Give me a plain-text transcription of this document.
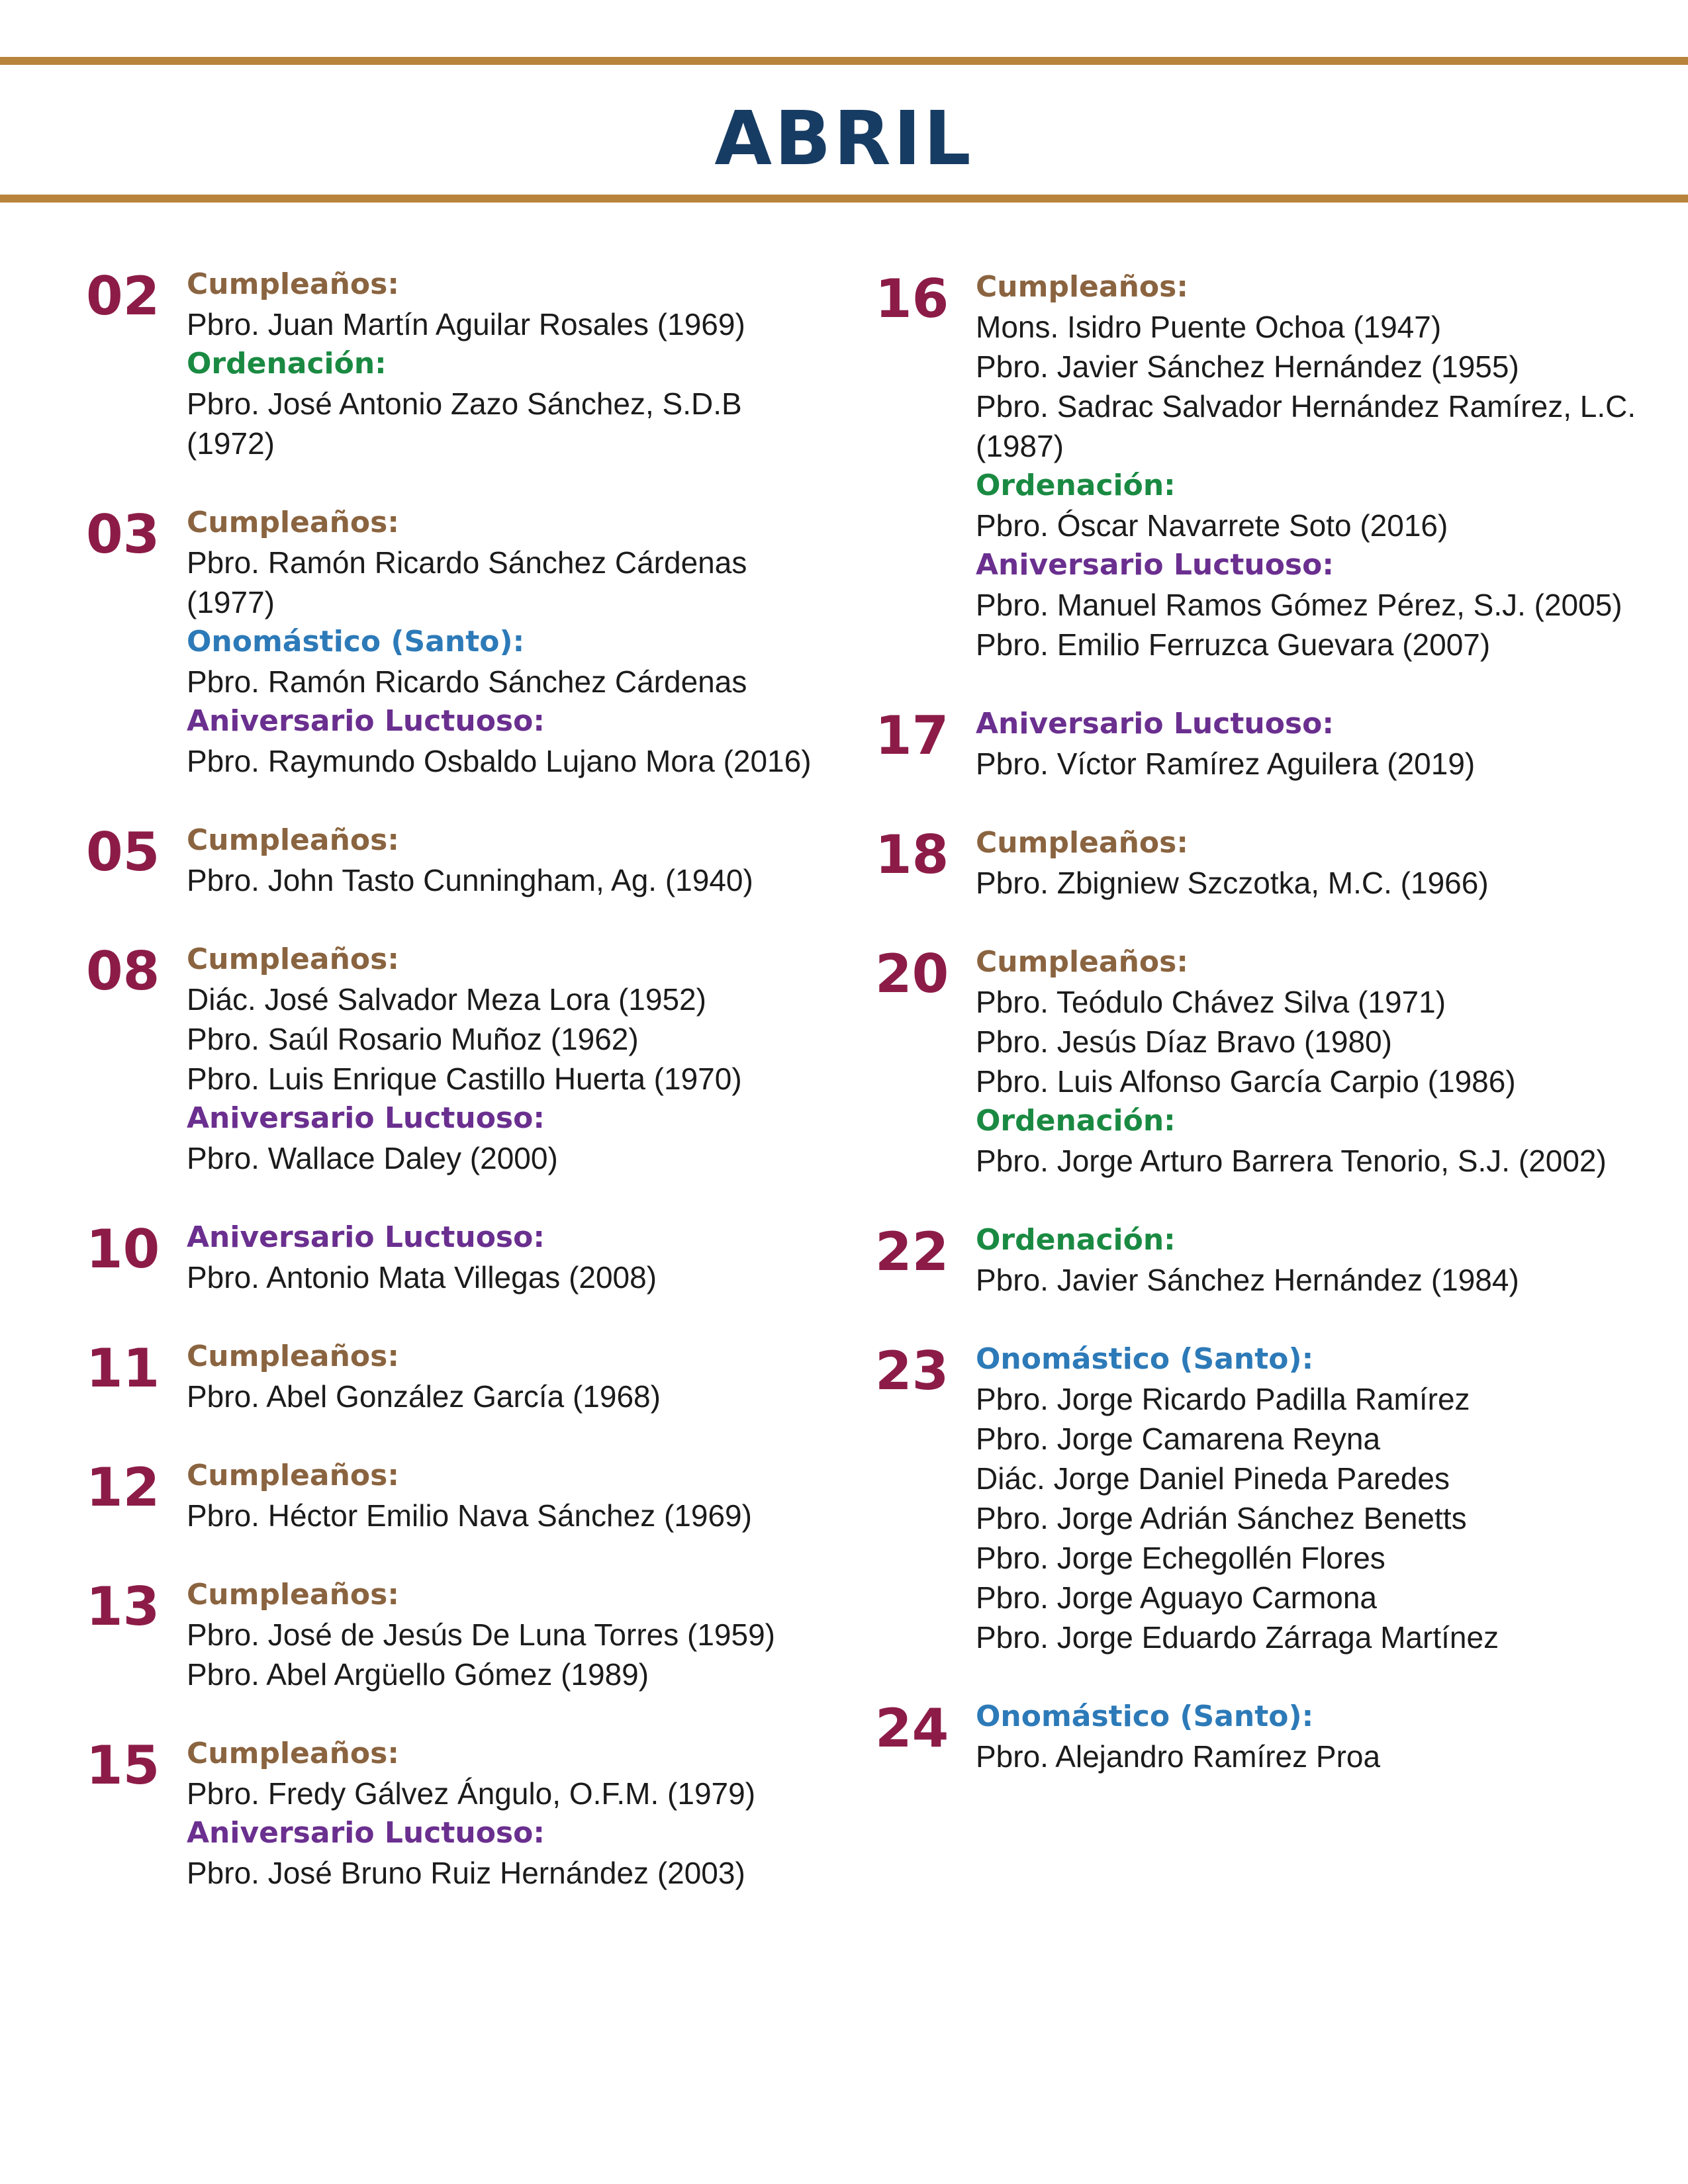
ABRIL
02 Cumpleaños:
Pbro. Juan Martín Aguilar Rosales (1969)
Ordenación:
Pbro. José Antonio Zazo Sánchez, S.D.B (1972)
03 Cumpleaños:
Pbro. Ramón Ricardo Sánchez Cárdenas (1977)
Onomástico (Santo):
Pbro. Ramón Ricardo Sánchez Cárdenas
Aniversario Luctuoso:
Pbro. Raymundo Osbaldo Lujano Mora (2016)
05 Cumpleaños:
Pbro. John Tasto Cunningham, Ag. (1940)
08 Cumpleaños:
Diác. José Salvador Meza Lora (1952)
Pbro. Saúl Rosario Muñoz (1962)
Pbro. Luis Enrique Castillo Huerta (1970)
Aniversario Luctuoso:
Pbro. Wallace Daley (2000)
10 Aniversario Luctuoso:
Pbro. Antonio Mata Villegas (2008)
11 Cumpleaños:
Pbro. Abel González García (1968)
12 Cumpleaños:
Pbro. Héctor Emilio Nava Sánchez (1969)
13 Cumpleaños:
Pbro. José de Jesús De Luna Torres (1959)
Pbro. Abel Argüello Gómez (1989)
15 Cumpleaños:
Pbro. Fredy Gálvez Ángulo, O.F.M. (1979)
Aniversario Luctuoso:
Pbro. José Bruno Ruiz Hernández (2003)
16 Cumpleaños:
Mons. Isidro Puente Ochoa (1947)
Pbro. Javier Sánchez Hernández (1955)
Pbro. Sadrac Salvador Hernández Ramírez, L.C.
(1987)
Ordenación:
Pbro. Óscar Navarrete Soto (2016)
Aniversario Luctuoso:
Pbro. Manuel Ramos Gómez Pérez, S.J. (2005)
Pbro. Emilio Ferruzca Guevara (2007)
17 Aniversario Luctuoso:
Pbro. Víctor Ramírez Aguilera (2019)
18 Cumpleaños:
Pbro. Zbigniew Szczotka, M.C. (1966)
20 Cumpleaños:
Pbro. Teódulo Chávez Silva (1971)
Pbro. Jesús Díaz Bravo (1980)
Pbro. Luis Alfonso García Carpio (1986)
Ordenación:
Pbro. Jorge Arturo Barrera Tenorio, S.J. (2002)
22 Ordenación:
Pbro. Javier Sánchez Hernández (1984)
23 Onomástico (Santo):
Pbro. Jorge Ricardo Padilla Ramírez
Pbro. Jorge Camarena Reyna
Diác. Jorge Daniel Pineda Paredes
Pbro. Jorge Adrián Sánchez Benetts
Pbro. Jorge Echegollén Flores
Pbro. Jorge Aguayo Carmona
Pbro. Jorge Eduardo Zárraga Martínez
24 Onomástico (Santo):
Pbro. Alejandro Ramírez Proa
